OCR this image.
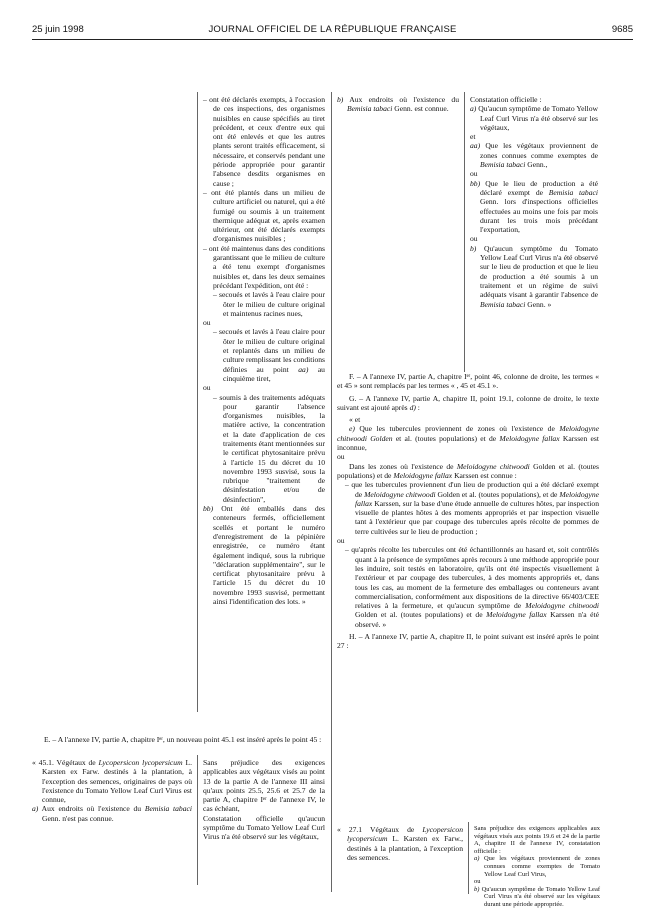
25 juin 1998	JOURNAL OFFICIEL DE LA RÉPUBLIQUE FRANÇAISE	9685

– ont été déclarés exempts, à l'occasion de ces inspections, des organismes nuisibles en cause spécifiés au tiret précédent, et ceux d'entre eux qui ont été enlevés et que les autres plants seront traités efficacement, si nécessaire, et conservés pendant une période appropriée pour garantir l'absence desdits organismes en cause ;

– ont été plantés dans un milieu de culture artificiel ou naturel, qui a été fumigé ou soumis à un traitement thermique adéquat et, après examen ultérieur, ont été déclarés exempts d'organismes nuisibles ;

– ont été maintenus dans des conditions garantissant que le milieu de culture a été tenu exempt d'organismes nuisibles et, dans les deux semaines précédant l'expédition, ont été :

– secoués et lavés à l'eau claire pour ôter le milieu de culture original et maintenus racines nues,

ou

– secoués et lavés à l'eau claire pour ôter le milieu de culture original et replantés dans un milieu de culture remplissant les conditions définies au point aa) au cinquième tiret,

ou

– soumis à des traitements adéquats pour garantir l'absence d'organismes nuisibles, la matière active, la concentration et la date d'application de ces traitements étant mentionnées sur le certificat phytosanitaire prévu à l'article 15 du décret du 10 novembre 1993 susvisé, sous la rubrique "traitement de désinfestation et/ou de désinfection",

bb) Ont été emballés dans des conteneurs fermés, officiellement scellés et portant le numéro d'enregistrement de la pépinière enregistrée, ce numéro étant également indiqué, sous la rubrique "déclaration supplémentaire", sur le certificat phytosanitaire prévu à l'article 15 du décret du 10 novembre 1993 susvisé, permettant ainsi l'identification des lots. »

b) Aux endroits où l'existence du Bemisia tabaci Genn. est connue.

Constatation officielle :

a) Qu'aucun symptôme de Tomato Yellow Leaf Curl Virus n'a été observé sur les végétaux,

et

aa) Que les végétaux proviennent de zones connues comme exemptes de Bemisia tabaci Genn.,

ou

bb) Que le lieu de production a été déclaré exempt de Bemisia tabaci Genn. lors d'inspections officielles effectuées au moins une fois par mois durant les trois mois précédant l'exportation,

ou

b) Qu'aucun symptôme du Tomato Yellow Leaf Curl Virus n'a été observé sur le lieu de production et que le lieu de production a été soumis à un traitement et un régime de suivi adéquats visant à garantir l'absence de Bemisia tabaci Genn. »

F. – A l'annexe IV, partie A, chapitre Iᵉʳ, point 46, colonne de droite, les termes « et 45 » sont remplacés par les termes « , 45 et 45.1 ».

G. – A l'annexe IV, partie A, chapitre II, point 19.1, colonne de droite, le texte suivant est ajouté après d) :

« et

e) Que les tubercules proviennent de zones où l'existence de Meloidogyne chitwoodi Golden et al. (toutes populations) et de Meloidogyne fallax Karssen est inconnue,

ou

Dans les zones où l'existence de Meloidogyne chitwoodi Golden et al. (toutes populations) et de Meloidogyne fallax Karssen est connue :

– que les tubercules proviennent d'un lieu de production qui a été déclaré exempt de Meloidogyne chitwoodi Golden et al. (toutes populations), et de Meloidogyne fallax Karssen, sur la base d'une étude annuelle de cultures hôtes, par inspection visuelle de plantes hôtes à des moments appropriés et par inspection visuelle tant à l'extérieur que par coupage des tubercules après récolte de pommes de terre cultivées sur le lieu de production ;

ou

– qu'après récolte les tubercules ont été échantillonnés au hasard et, soit contrôlés quant à la présence de symptômes après recours à une méthode appropriée pour les induire, soit testés en laboratoire, qu'ils ont été inspectés visuellement à l'extérieur et par coupage des tubercules, à des moments appropriés et, dans tous les cas, au moment de la fermeture des emballages ou conteneurs avant commercialisation, conformément aux dispositions de la directive 66/403/CEE relatives à la fermeture, et qu'aucun symptôme de Meloidogyne chitwoodi Golden et al. (toutes populations) et de Meloidogyne fallax Karssen n'a été observé. »

H. – A l'annexe IV, partie A, chapitre II, le point suivant est inséré après le point 27 :

E. – A l'annexe IV, partie A, chapitre Iᵉʳ, un nouveau point 45.1 est inséré après le point 45 :

« 45.1. Végétaux de Lycopersicon lycopersicum L. Karsten ex Farw. destinés à la plantation, à l'exception des semences, originaires de pays où l'existence du Tomato Yellow Leaf Curl Virus est connue,

a) Aux endroits où l'existence du Bemisia tabaci Genn. n'est pas connue.

Sans préjudice des exigences applicables aux végétaux visés au point 13 de la partie A de l'annexe III ainsi qu'aux points 25.5, 25.6 et 25.7 de la partie A, chapitre Iᵉʳ de l'annexe IV, le cas échéant,

Constatation officielle qu'aucun symptôme du Tomato Yellow Leaf Curl Virus n'a été observé sur les végétaux,

« 27.1 Végétaux de Lycopersicon lycopersicum L. Karsten ex Farw., destinés à la plantation, à l'exception des semences.

Sans préjudice des exigences applicables aux végétaux visés aux points 19.6 et 24 de la partie A, chapitre II de l'annexe IV, constatation officielle :

a) Que les végétaux proviennent de zones connues comme exemptes de Tomato Yellow Leaf Curl Virus,

ou

b) Qu'aucun symptôme de Tomato Yellow Leaf Curl Virus n'a été observé sur les végétaux durant une période appropriée.
